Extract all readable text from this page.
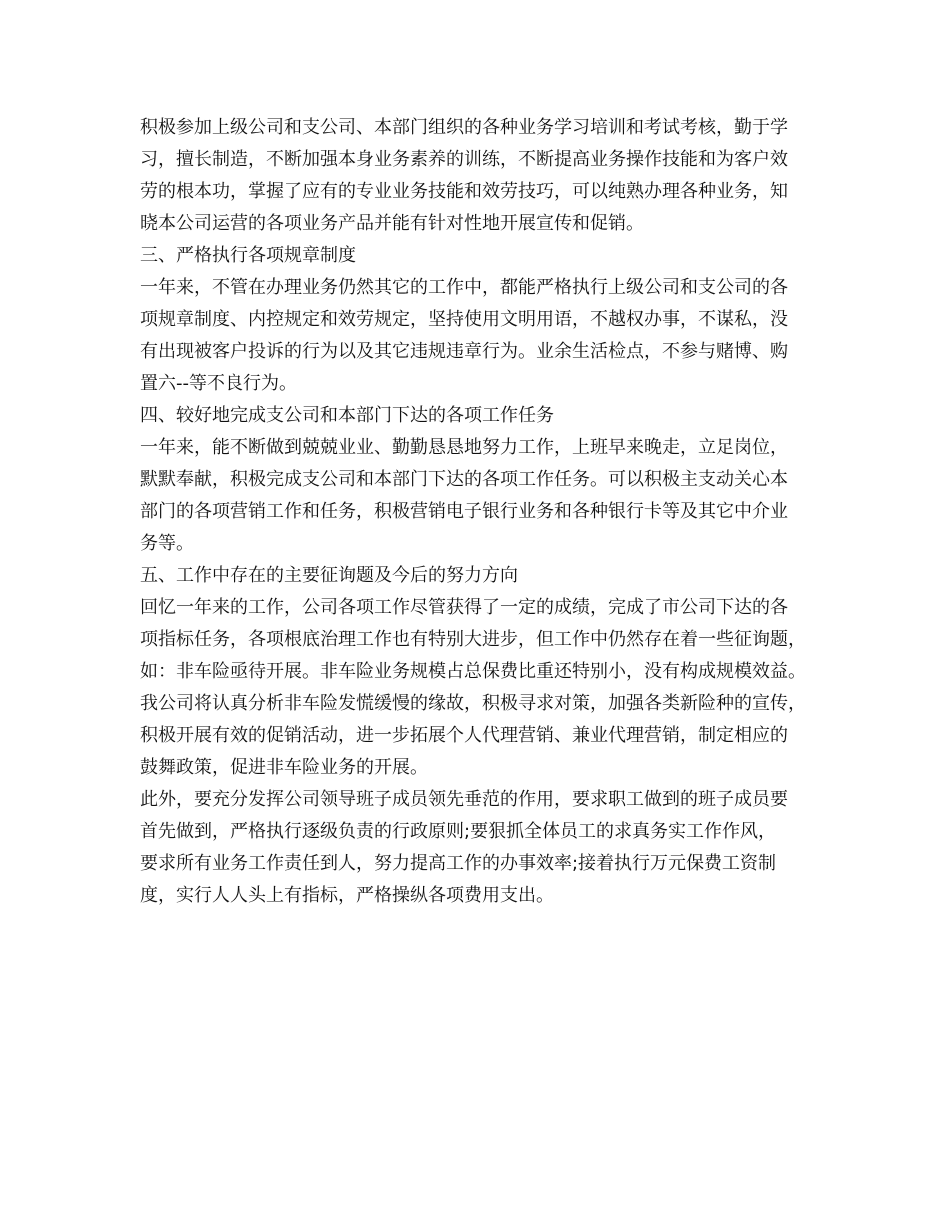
积极参加上级公司和支公司、本部门组织的各种业务学习培训和考试考核，勤于学

习，擅长制造，不断加强本身业务素养的训练，不断提高业务操作技能和为客户效

劳的根本功，掌握了应有的专业业务技能和效劳技巧，可以纯熟办理各种业务，知

晓本公司运营的各项业务产品并能有针对性地开展宣传和促销。

三、严格执行各项规章制度

一年来，不管在办理业务仍然其它的工作中，都能严格执行上级公司和支公司的各

项规章制度、内控规定和效劳规定，坚持使用文明用语，不越权办事，不谋私，没

有出现被客户投诉的行为以及其它违规违章行为。业余生活检点，不参与赌博、购

置六--等不良行为。

四、较好地完成支公司和本部门下达的各项工作任务

一年来，能不断做到兢兢业业、勤勤恳恳地努力工作，上班早来晚走，立足岗位，

默默奉献，积极完成支公司和本部门下达的各项工作任务。可以积极主支动关心本

部门的各项营销工作和任务，积极营销电子银行业务和各种银行卡等及其它中介业

务等。

五、工作中存在的主要征询题及今后的努力方向

回忆一年来的工作，公司各项工作尽管获得了一定的成绩，完成了市公司下达的各

项指标任务，各项根底治理工作也有特别大进步，但工作中仍然存在着一些征询题，

如：非车险亟待开展。非车险业务规模占总保费比重还特别小，没有构成规模效益。

我公司将认真分析非车险发慌缓慢的缘故，积极寻求对策，加强各类新险种的宣传，

积极开展有效的促销活动，进一步拓展个人代理营销、兼业代理营销，制定相应的

鼓舞政策，促进非车险业务的开展。

此外，要充分发挥公司领导班子成员领先垂范的作用，要求职工做到的班子成员要

首先做到，严格执行逐级负责的行政原则;要狠抓全体员工的求真务实工作作风，

要求所有业务工作责任到人，努力提高工作的办事效率;接着执行万元保费工资制

度，实行人人头上有指标，严格操纵各项费用支出。
